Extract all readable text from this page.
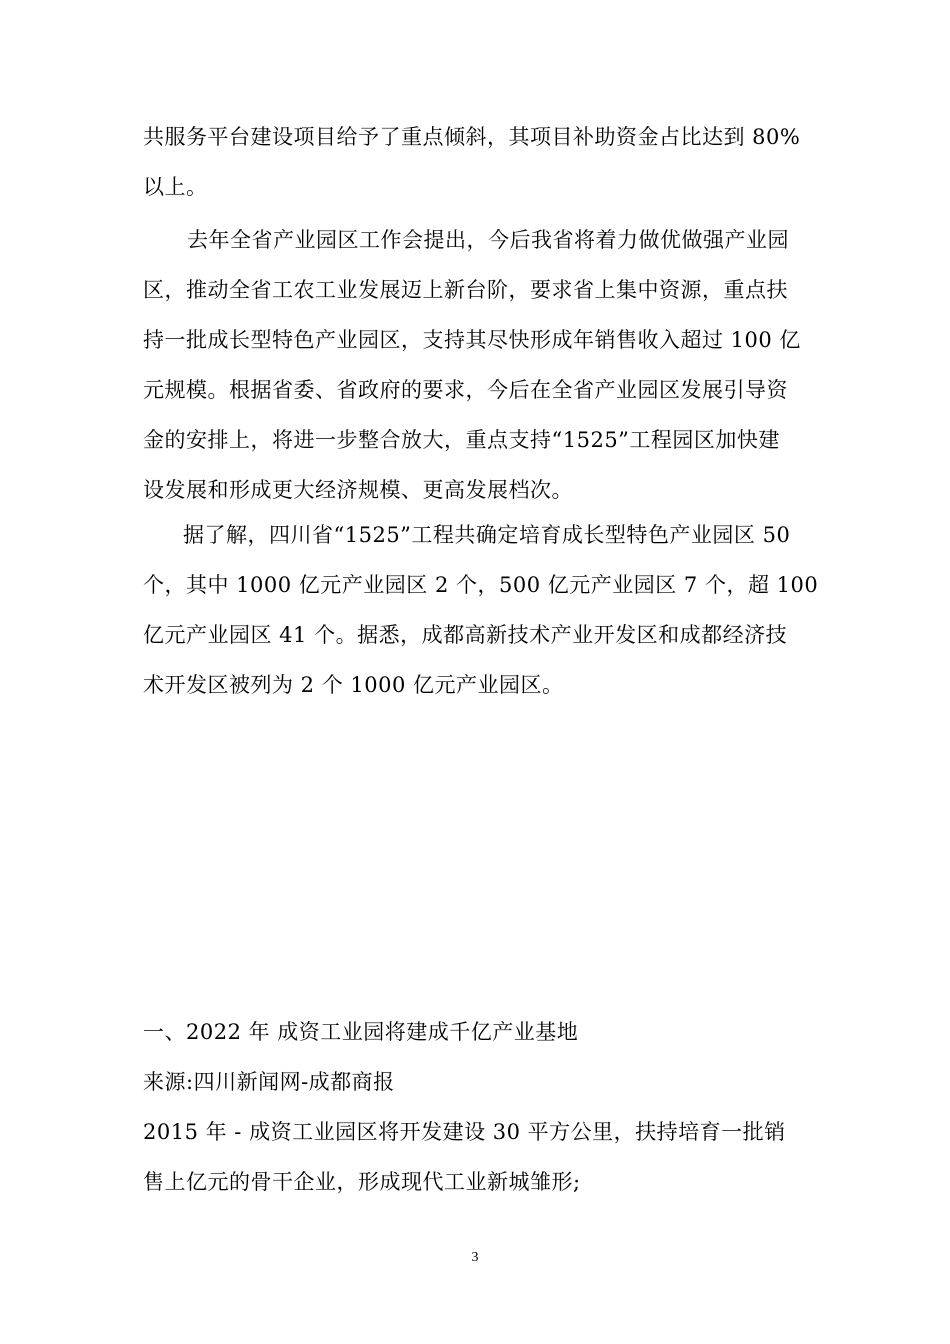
共服务平台建设项目给予了重点倾斜，其项目补助资金占比达到 80%
以上。
去年全省产业园区工作会提出，今后我省将着力做优做强产业园
区，推动全省工农工业发展迈上新台阶，要求省上集中资源，重点扶
持一批成长型特色产业园区，支持其尽快形成年销售收入超过 100 亿
元规模。根据省委、省政府的要求，今后在全省产业园区发展引导资
金的安排上，将进一步整合放大，重点支持“1525”工程园区加快建
设发展和形成更大经济规模、更高发展档次。
据了解，四川省“1525”工程共确定培育成长型特色产业园区 50
个，其中 1000 亿元产业园区 2 个，500 亿元产业园区 7 个，超 100
亿元产业园区 41 个。据悉，成都高新技术产业开发区和成都经济技
术开发区被列为 2 个 1000 亿元产业园区。
一、2022 年 成资工业园将建成千亿产业基地
来源:四川新闻网-成都商报
2015 年 - 成资工业园区将开发建设 30 平方公里，扶持培育一批销
售上亿元的骨干企业，形成现代工业新城雏形;
3
